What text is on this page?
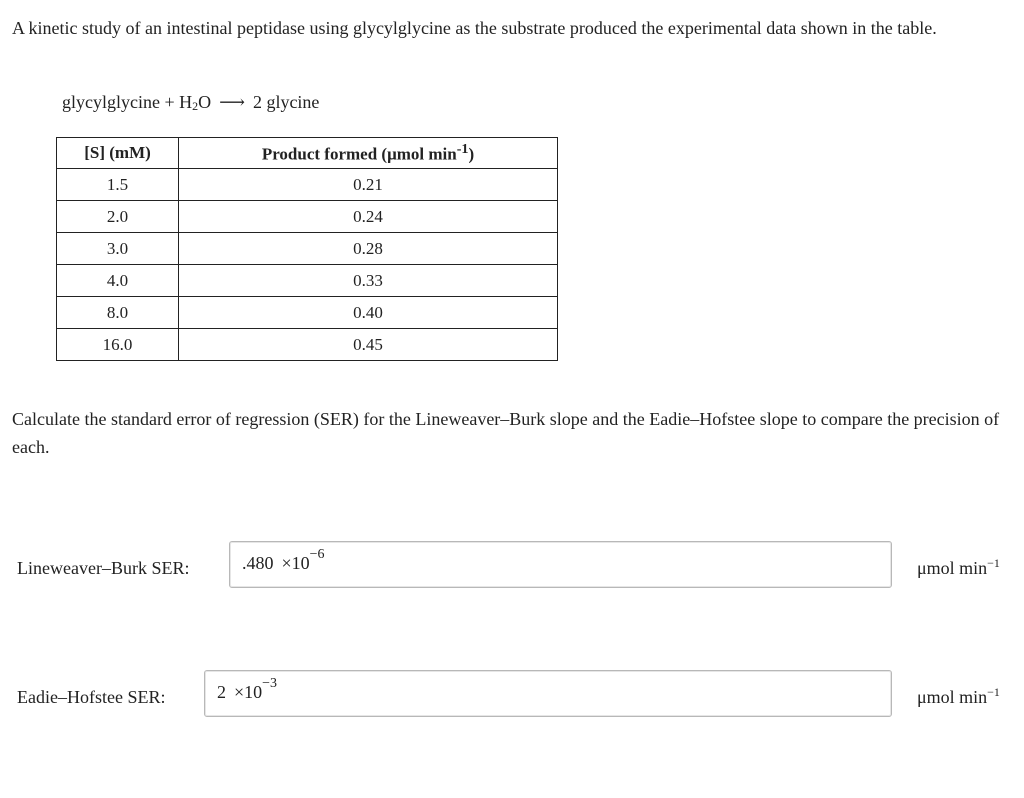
A kinetic study of an intestinal peptidase using glycylglycine as the substrate produced the experimental data shown in the table.

glycylglycine + $H_2O$ ⟶ 2 glycine
[S] (mM)	Product formed (μmol $\min^{-1}$)
1.5	0.21
2.0	0.24
3.0	0.28
4.0	0.33
8.0	0.40
16.0	0.45

Calculate the standard error of regression (SER) for the Lineweaver–Burk slope and the Eadie–Hofstee slope to compare the precision of each.

Lineweaver–Burk SER:	$.480 \times 10^{-6}$
μmol $\min^{-1}$
Eadie–Hofstee SER:	$2 \times 10^{-3}$
μmol $\min^{-1}$
